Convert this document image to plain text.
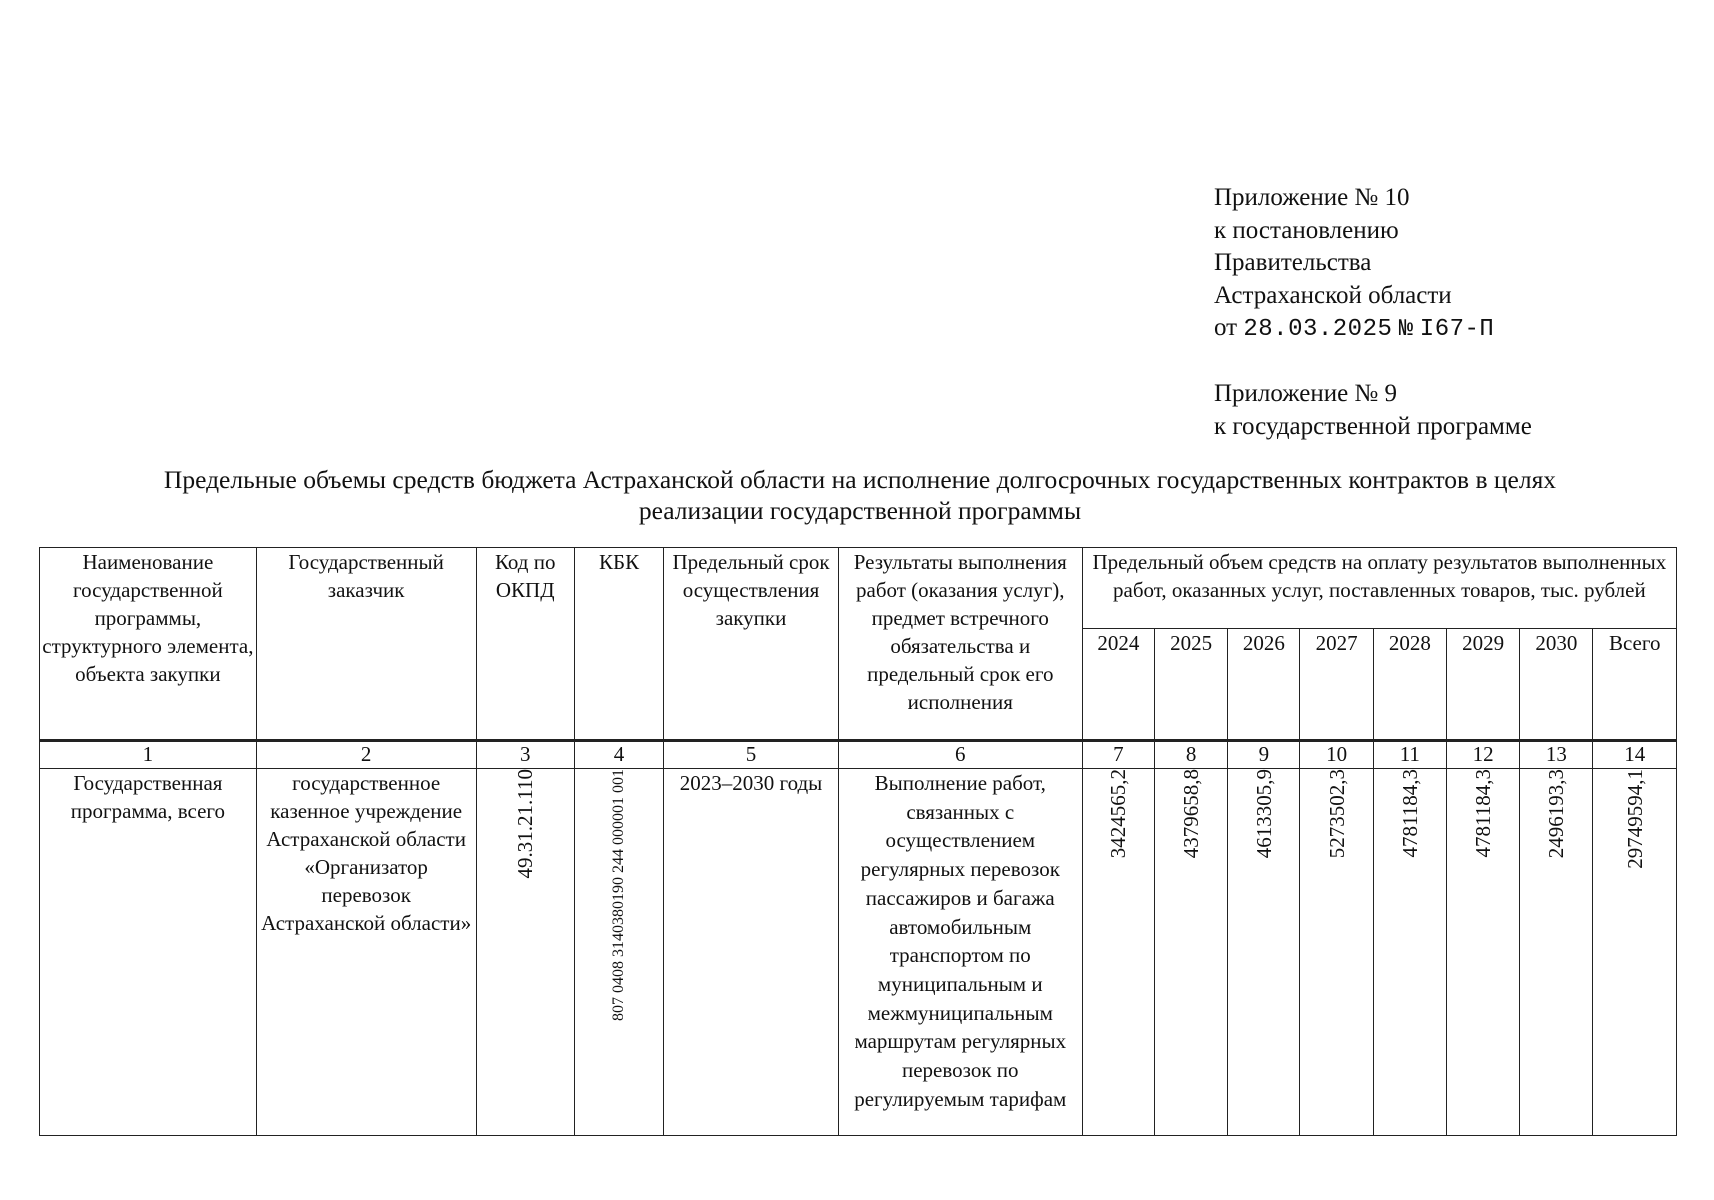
Приложение № 10
к постановлению
Правительства
Астраханской области
от 28.03.2025 № I67-П
Приложение № 9
к государственной программе
Предельные объемы средств бюджета Астраханской области на исполнение долгосрочных государственных контрактов в целях
реализации государственной программы
Наименование государственной программы, структурного элемента, объекта закупки	Государственный заказчик	Код по ОКПД	КБК	Предельный срок осуществления закупки	Результаты выполнения работ (оказания услуг), предмет встречного обязательства и предельный срок его исполнения	Предельный объем средств на оплату результатов выполненных работ, оказанных услуг, поставленных товаров, тыс. рублей							
						2024	2025	2026	2027	2028	2029	2030	Всего
1	2	3	4	5	6	7	8	9	10	11	12	13	14
Государственная программа, всего	государственное казенное учреждение Астраханской области «Организатор перевозок Астраханской области»	49.31.21.110	807 0408 3140380190 244 000001 001	2023–2030 годы	Выполнение работ, связанных с осуществлением регулярных перевозок пассажиров и багажа автомобильным транспортом по муниципальным и межмуниципальным маршрутам регулярных перевозок по регулируемым тарифам	3424565,2	4379658,8	4613305,9	5273502,3	4781184,3	4781184,3	2496193,3	29749594,1
